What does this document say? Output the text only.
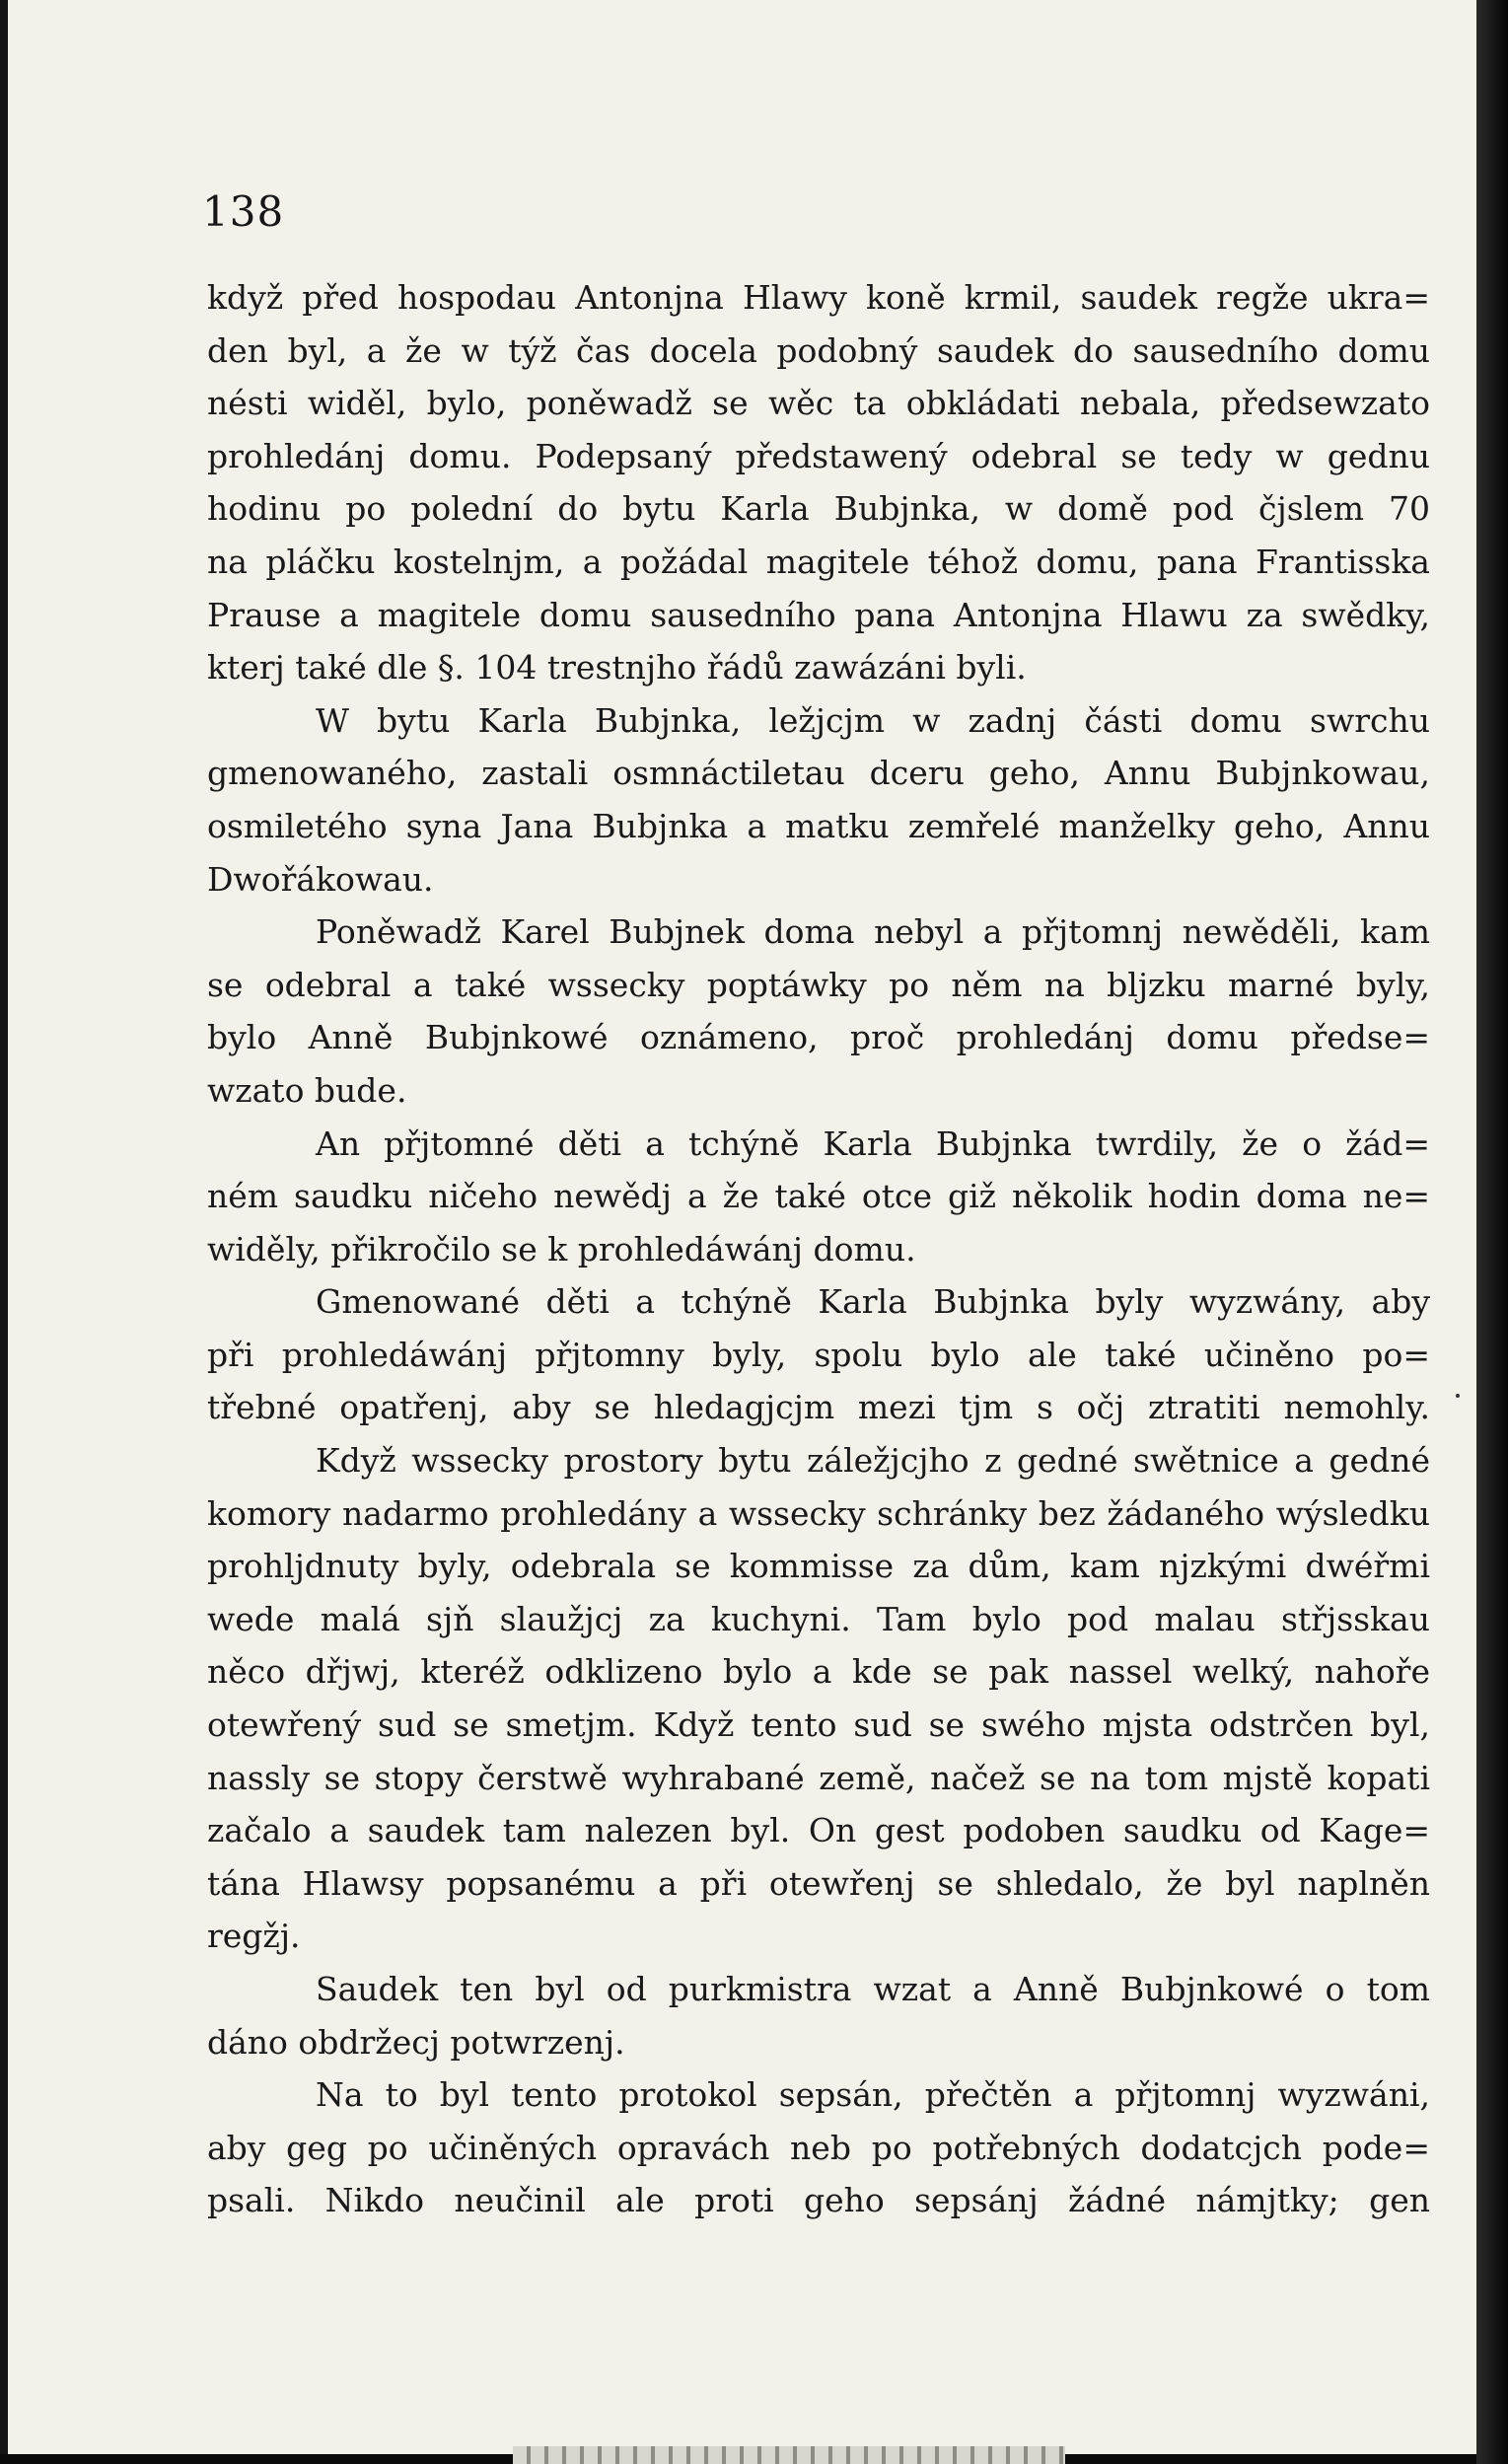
138
když před hospodau Antonjna Hlawy koně krmil, saudek regže ukra=
den byl, a že w týž čas docela podobný saudek do sausedního domu
nésti widěl, bylo, poněwadž se wěc ta obkládati nebala, předsewzato
prohledánj domu. Podepsaný předstawený odebral se tedy w gednu
hodinu po polední do bytu Karla Bubjnka, w domě pod čjslem 70
na pláčku kostelnjm, a požádal magitele téhož domu, pana Frantisska
Prause a magitele domu sausedního pana Antonjna Hlawu za swědky,
kterj také dle §. 104 trestnjho řádů zawázáni byli.
W bytu Karla Bubjnka, ležjcjm w zadnj části domu swrchu
gmenowaného, zastali osmnáctiletau dceru geho, Annu Bubjnkowau,
osmiletého syna Jana Bubjnka a matku zemřelé manželky geho, Annu
Dwořákowau.
Poněwadž Karel Bubjnek doma nebyl a přjtomnj newěděli, kam
se odebral a také wssecky poptáwky po něm na bljzku marné byly,
bylo Anně Bubjnkowé oznámeno, proč prohledánj domu předse=
wzato bude.
An přjtomné děti a tchýně Karla Bubjnka twrdily, že o žád=
ném saudku ničeho newědj a že také otce giž několik hodin doma ne=
widěly, přikročilo se k prohledáwánj domu.
Gmenowané děti a tchýně Karla Bubjnka byly wyzwány, aby
při prohledáwánj přjtomny byly, spolu bylo ale také učiněno po=
třebné opatřenj, aby se hledagjcjm mezi tjm s očj ztratiti nemohly.
Když wssecky prostory bytu záležjcjho z gedné swětnice a gedné
komory nadarmo prohledány a wssecky schránky bez žádaného wýsledku
prohljdnuty byly, odebrala se kommisse za dům, kam njzkými dwéřmi
wede malá sjň slaužjcj za kuchyni. Tam bylo pod malau střjsskau
něco dřjwj, kteréž odklizeno bylo a kde se pak nassel welký, nahoře
otewřený sud se smetjm. Když tento sud se swého mjsta odstrčen byl,
nassly se stopy čerstwě wyhrabané země, načež se na tom mjstě kopati
začalo a saudek tam nalezen byl. On gest podoben saudku od Kage=
tána Hlawsy popsanému a při otewřenj se shledalo, že byl naplněn
regžj.
Saudek ten byl od purkmistra wzat a Anně Bubjnkowé o tom
dáno obdržecj potwrzenj.
Na to byl tento protokol sepsán, přečtěn a přjtomnj wyzwáni,
aby geg po učiněných opravách neb po potřebných dodatcjch pode=
psali. Nikdo neučinil ale proti geho sepsánj žádné námjtky; gen
